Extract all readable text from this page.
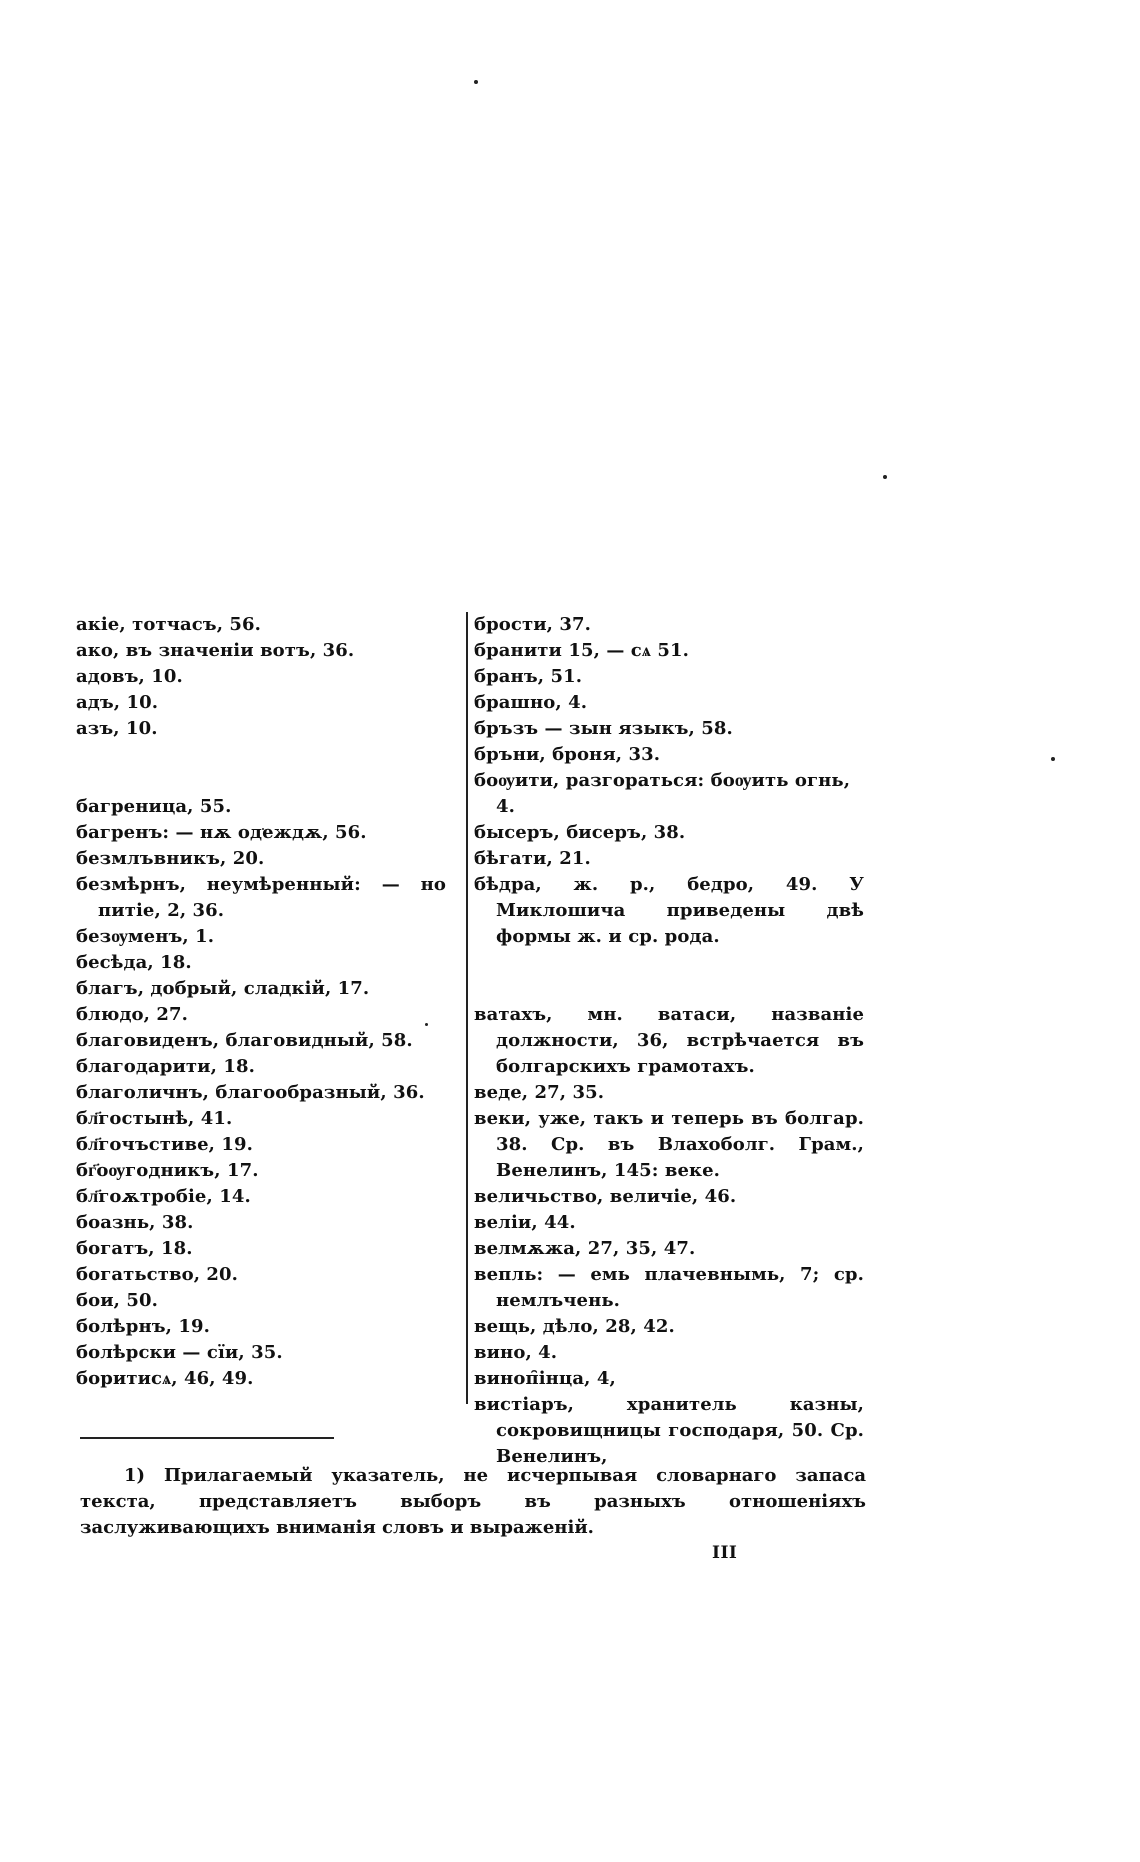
акіе, тотчасъ, 56.

ако, въ значеніи вотъ, 36.

адовъ, 10.

адъ, 10.

азъ, 10.

багреница, 55.

багренъ: — нѫ одеждѫ, 56.

безмлъвникъ, 20.

безмѣрнъ, неумѣренный: — но питіе, 2, 36.

безѹменъ, 1.

бесѣда, 18.

благъ, добрый, сладкій, 17.

блюдо, 27.

благовиденъ, благовидный, 58.

благодарити, 18.

благоличнъ, благообразный, 36.

бл҃гостынѣ, 41.

бл҃гочъстиве, 19.

бг҃оѹгодникъ, 17.

бл҃гоѫтробіе, 14.

боазнь, 38.

богатъ, 18.

богатьство, 20.

бои, 50.

болѣрнъ, 19.

болѣрски — сїи, 35.

боритисѧ, 46, 49.

брости, 37.

бранити 15, — сѧ 51.

бранъ, 51.

брашно, 4.

бръзъ — зын языкъ, 58.

бръни, броня, 33.

боѹити, разгораться: боѹить огнь, 4.

бысеръ, бисеръ, 38.

бѣгати, 21.

бѣдра, ж. р., бедро, 49. У Миклошича приведены двѣ формы ж. и ср. рода.

ватахъ, мн. ватаси, названіе должности, 36, встрѣчается въ болгарскихъ грамотахъ.

веде, 27, 35.

веки, уже, такъ и теперь въ болгар. 38. Ср. въ Влахоболг. Грам., Венелинъ, 145: веке.

величьство, величіе, 46.

веліи, 44.

велмѫжа, 27, 35, 47.

вепль: — емь плачевнымь, 7; ср. немлъчень.

вещь, дѣло, 28, 42.

вино, 4.

виноп̑інца, 4,

вистіаръ, хранитель казны, сокровищницы господаря, 50. Ср. Венелинъ,

1) Прилагаемый указатель, не исчерпывая словарнаго запаса текста, представляетъ выборъ въ разныхъ отношеніяхъ заслуживающихъ вниманія словъ и выраженій.

III
